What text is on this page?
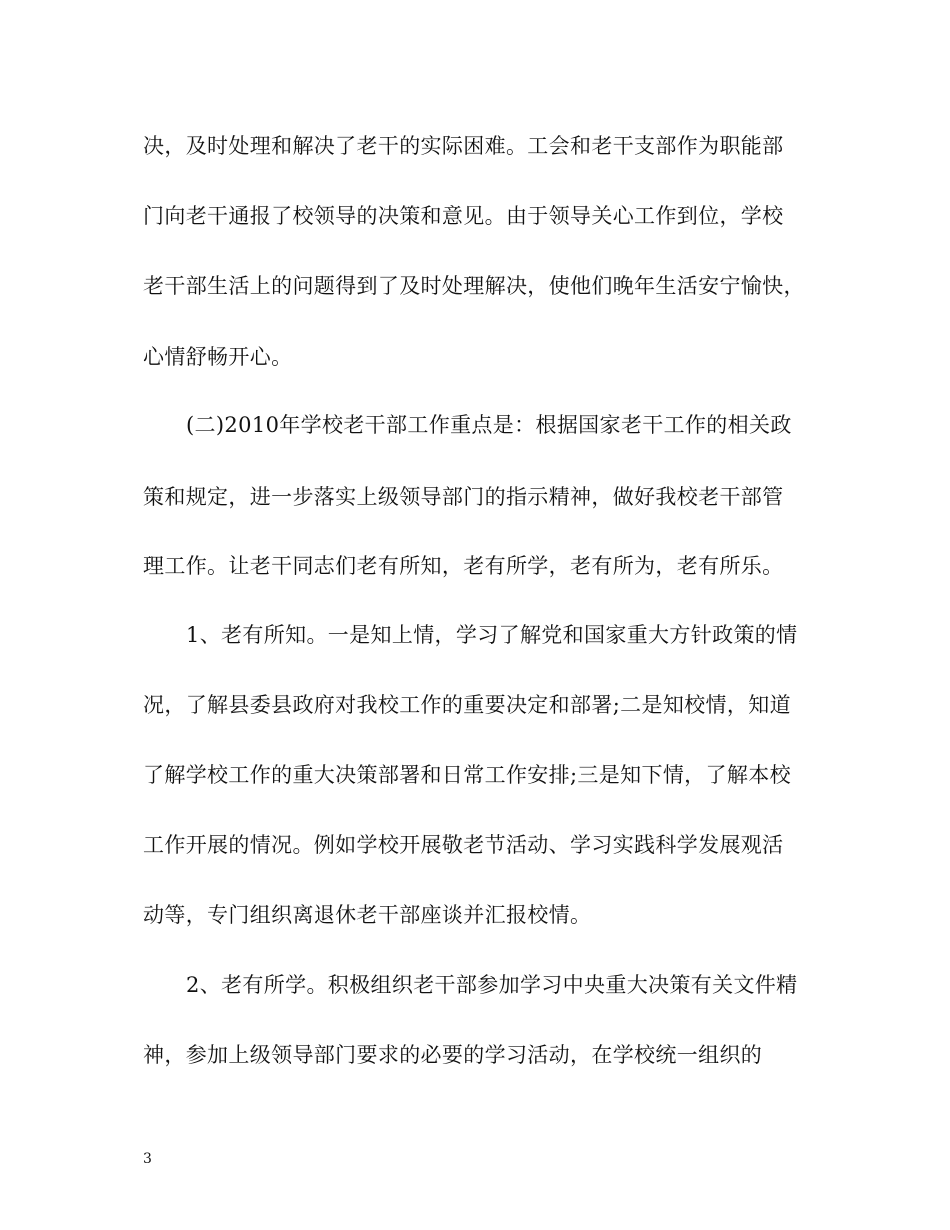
决，及时处理和解决了老干的实际困难。工会和老干支部作为职能部
门向老干通报了校领导的决策和意见。由于领导关心工作到位，学校
老干部生活上的问题得到了及时处理解决，使他们晚年生活安宁愉快，
心情舒畅开心。
(二)2010年学校老干部工作重点是：根据国家老干工作的相关政
策和规定，进一步落实上级领导部门的指示精神，做好我校老干部管
理工作。让老干同志们老有所知，老有所学，老有所为，老有所乐。
1、老有所知。一是知上情，学习了解党和国家重大方针政策的情
况，了解县委县政府对我校工作的重要决定和部署;二是知校情，知道
了解学校工作的重大决策部署和日常工作安排;三是知下情，了解本校
工作开展的情况。例如学校开展敬老节活动、学习实践科学发展观活
动等，专门组织离退休老干部座谈并汇报校情。
2、老有所学。积极组织老干部参加学习中央重大决策有关文件精
神，参加上级领导部门要求的必要的学习活动，在学校统一组织的
3
